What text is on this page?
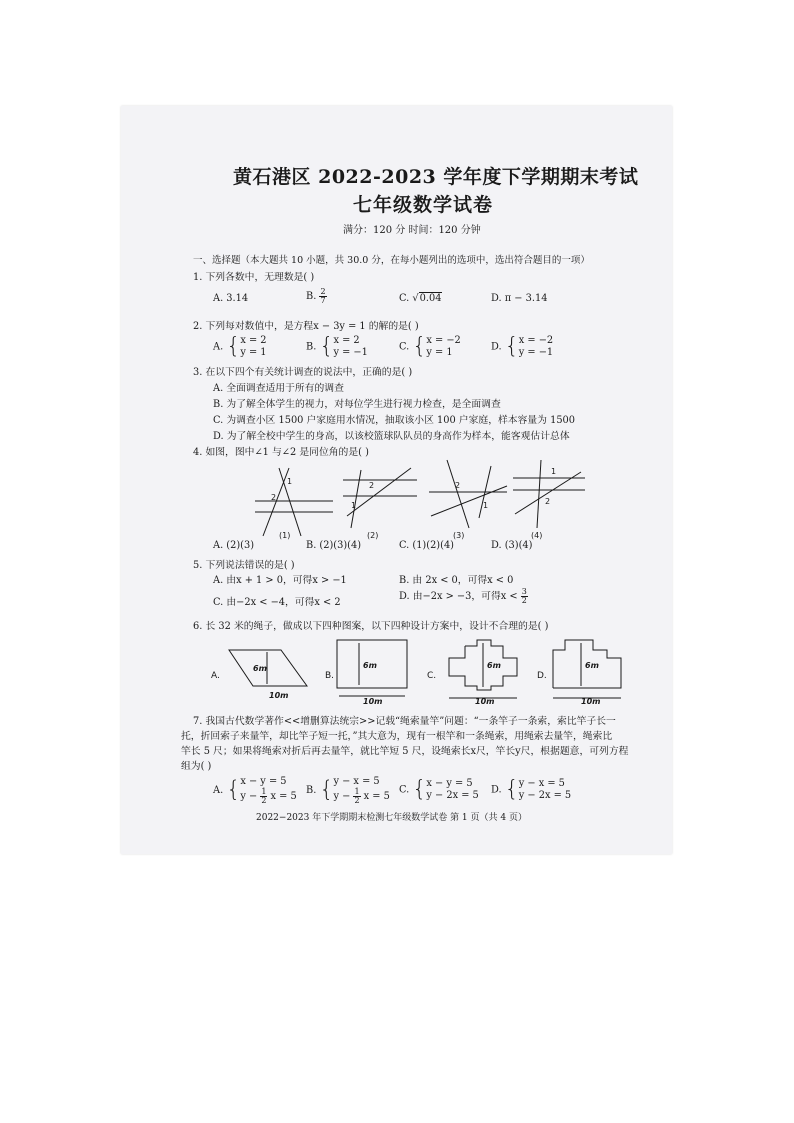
黄石港区 2022-2023 学年度下学期期末考试
七年级数学试卷
满分：120 分 时间：120 分钟
一、选择题（本大题共 10 小题，共 30.0 分，在每小题列出的选项中，选出符合题目的一项）
1. 下列各数中，无理数是( )
A. 3.14	B. $\frac{2}{7}$	C. √0.04	D. π − 3.14
2. 下列每对数值中，是方程x − 3y = 1 的解的是( )
A. {x = 2
y = 1	B. {x = 2
y = −1	C. {x = −2
y = 1	D. {x = −2
y = −1
3. 在以下四个有关统计调查的说法中，正确的是( )
A. 全面调查适用于所有的调查
B. 为了解全体学生的视力，对每位学生进行视力检查，是全面调查
C. 为调查小区 1500 户家庭用水情况，抽取该小区 100 户家庭，样本容量为 1500
D. 为了解全校中学生的身高，以该校篮球队队员的身高作为样本，能客观估计总体
4. 如图，图中∠1 与∠2 是同位角的是( )
1
2
2
1
2
1
1
2
(1)	(2)	(3)	(4)
A. (2)(3)	B. (2)(3)(4)	C. (1)(2)(4)	D. (3)(4)
5. 下列说法错误的是( )
A. 由x + 1 > 0，可得x > −1	B. 由 2x < 0，可得x < 0
C. 由−2x < −4，可得x < 2
D. 由−2x > −3，可得$x < \frac{3}{2}$
6. 长 32 米的绳子，做成以下四种图案，以下四种设计方案中，设计不合理的是( )
A.	B.	C.	D.
6m
10m
6m
10m
6m
10m
6m
10m
7. 我国古代数学著作<<增删算法统宗>>记载“绳索量竿”问题：“一条竿子一条索，索比竿子长一
托，折回索子来量竿，却比竿子短一托，”其大意为，现有一根竿和一条绳索，用绳索去量竿，绳索比
竿长 5 尺；如果将绳索对折后再去量竿，就比竿短 5 尺，设绳索长x尺，竿长y尺，根据题意，可列方程
组为( )
A. {x − y = 5
$y - \frac{1}{2}$ x = 5
B. {y − x = 5
$y - \frac{1}{2}$ x = 5
C. {x − y = 5
y − 2x = 5 D. {y − x = 5
y − 2x = 5
2022−2023 年下学期期末检测七年级数学试卷 第 1 页（共 4 页）
